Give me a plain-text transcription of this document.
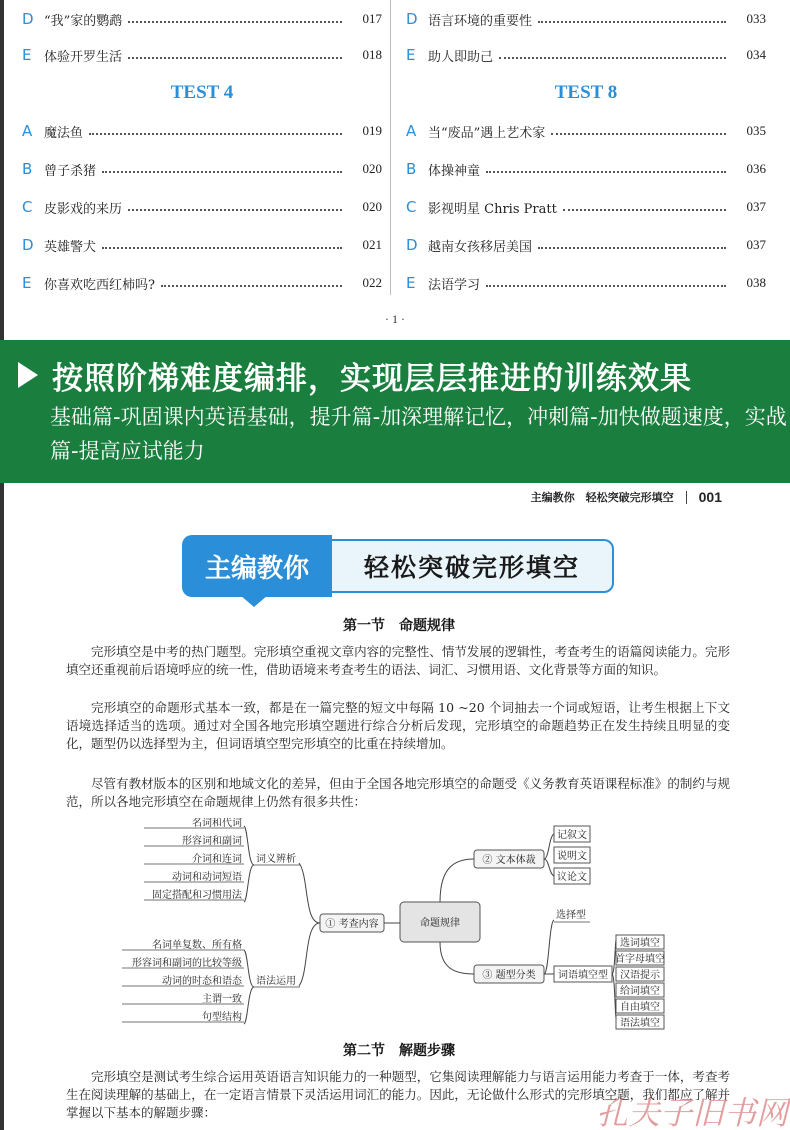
D “我”家的鹦鹉	017
E 体验开罗生活	018
TEST 4
A 魔法鱼	019
B 曾子杀猪	020
C 皮影戏的来历	020
D 英雄警犬	021
E 你喜欢吃西红柿吗?	022
D 语言环境的重要性	033
E 助人即助己	034
TEST 8
A 当“废品”遇上艺术家	035
B 体操神童	036
C 影视明星 Chris Pratt	037
D 越南女孩移居美国	037
E 法语学习	038
· 1 ·
按照阶梯难度编排，实现层层推进的训练效果
基础篇-巩固课内英语基础，提升篇-加深理解记忆，冲刺篇-加快做题速度，实战篇-提高应试能力
主编教你　轻松突破完形填空 001
主编教你	轻松突破完形填空
第一节　命题规律
完形填空是中考的热门题型。完形填空重视文章内容的完整性、情节发展的逻辑性，考查考生的语篇阅读能力。完形填空还重视前后语境呼应的统一性，借助语境来考查考生的语法、词汇、习惯用语、文化背景等方面的知识。
完形填空的命题形式基本一致，都是在一篇完整的短文中每隔 10 ~20 个词抽去一个词或短语，让考生根据上下文语境选择适当的选项。通过对全国各地完形填空题进行综合分析后发现，完形填空的命题趋势正在发生持续且明显的变化，题型仍以选择型为主，但词语填空型完形填空的比重在持续增加。
尽管有教材版本的区别和地域文化的差异，但由于全国各地完形填空的命题受《义务教育英语课程标准》的制约与规范，所以各地完形填空在命题规律上仍然有很多共性：
命题规律
① 考查内容
词义辨析
名词和代词
形容词和副词
介词和连词
动词和动词短语
固定搭配和习惯用法
语法运用
名词单复数、所有格
形容词和副词的比较等级
动词的时态和语态
主谓一致
句型结构
② 文本体裁
记叙文
说明文
议论文
③ 题型分类
选择型
词语填空型
选词填空
首字母填空
汉语提示
给词填空
自由填空
语法填空
第二节　解题步骤
完形填空是测试考生综合运用英语语言知识能力的一种题型，它集阅读理解能力与语言运用能力考查于一体，考查考生在阅读理解的基础上，在一定语言情景下灵活运用词汇的能力。因此，无论做什么形式的完形填空题，我们都应了解并掌握以下基本的解题步骤：	孔夫子旧书网
